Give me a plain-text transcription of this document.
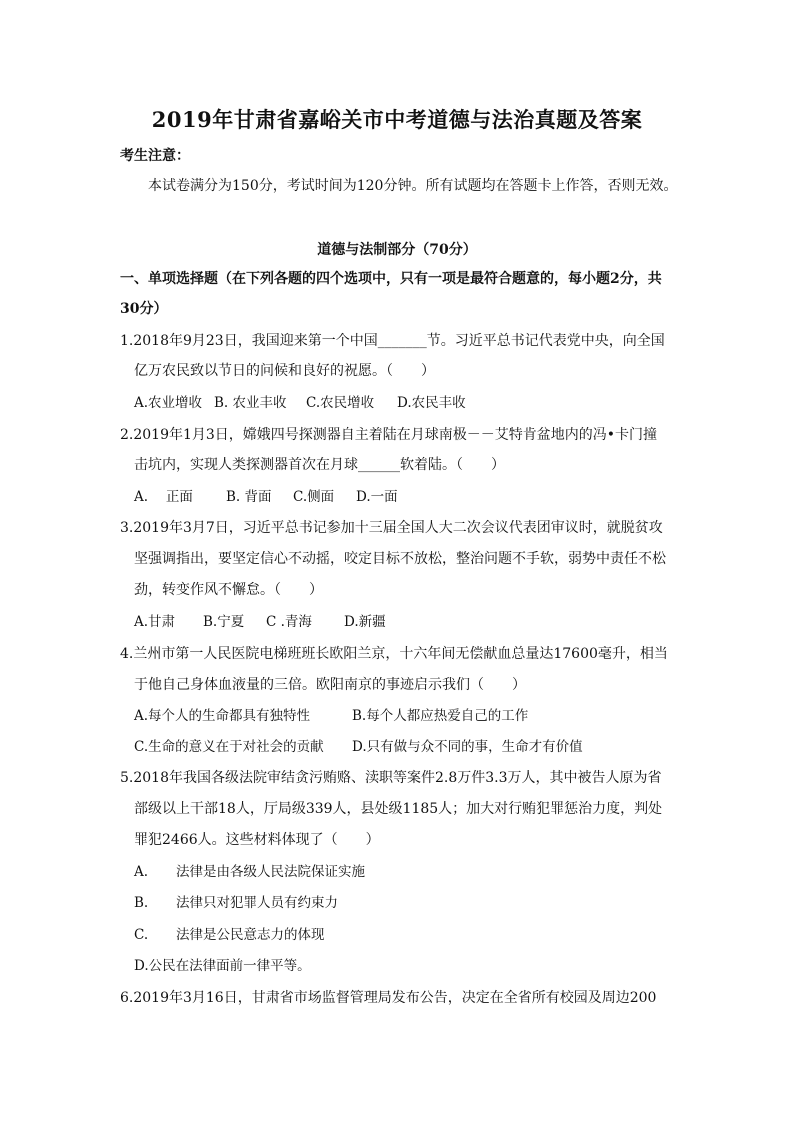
2019年甘肃省嘉峪关市中考道德与法治真题及答案
考生注意：
本试卷满分为150分，考试时间为120分钟。所有试题均在答题卡上作答，否则无效。
道德与法制部分（70分）
一、单项选择题（在下列各题的四个选项中，只有一项是最符合题意的，每小题2分，共
30分）
1.2018年9月23日，我国迎来第一个中国_______节。习近平总书记代表党中央，向全国
亿万农民致以节日的问候和良好的祝愿。（　　）
A.农业增收 B. 农业丰收 C.农民增收 D.农民丰收
2.2019年1月3日，嫦娥四号探测器自主着陆在月球南极－－艾特肯盆地内的冯•卡门撞
击坑内，实现人类探测器首次在月球______软着陆。（　　）
A.　 正面 B. 背面 C.侧面 D.一面
3.2019年3月7日，习近平总书记参加十三届全国人大二次会议代表团审议时，就脱贫攻
坚强调指出，要坚定信心不动摇，咬定目标不放松，整治问题不手软，弱势中责任不松
劲，转变作风不懈怠。（　　）
A.甘肃 B.宁夏 C .青海 D.新疆
4.兰州市第一人民医院电梯班班长欧阳兰京，十六年间无偿献血总量达17600毫升，相当
于他自己身体血液量的三倍。欧阳南京的事迹启示我们（　　）
A.每个人的生命都具有独特性	B.每个人都应热爱自己的工作
C.生命的意义在于对社会的贡献 D.只有做与众不同的事，生命才有价值
5.2018年我国各级法院审结贪污贿赂、渎职等案件2.8万件3.3万人，其中被告人原为省
部级以上干部18人，厅局级339人，县处级1185人；加大对行贿犯罪惩治力度，判处
罪犯2466人。这些材料体现了（　　）
A. 法律是由各级人民法院保证实施
B. 法律只对犯罪人员有约束力
C. 法律是公民意志力的体现
D.公民在法律面前一律平等。
6.2019年3月16日，甘肃省市场监督管理局发布公告，决定在全省所有校园及周边200
